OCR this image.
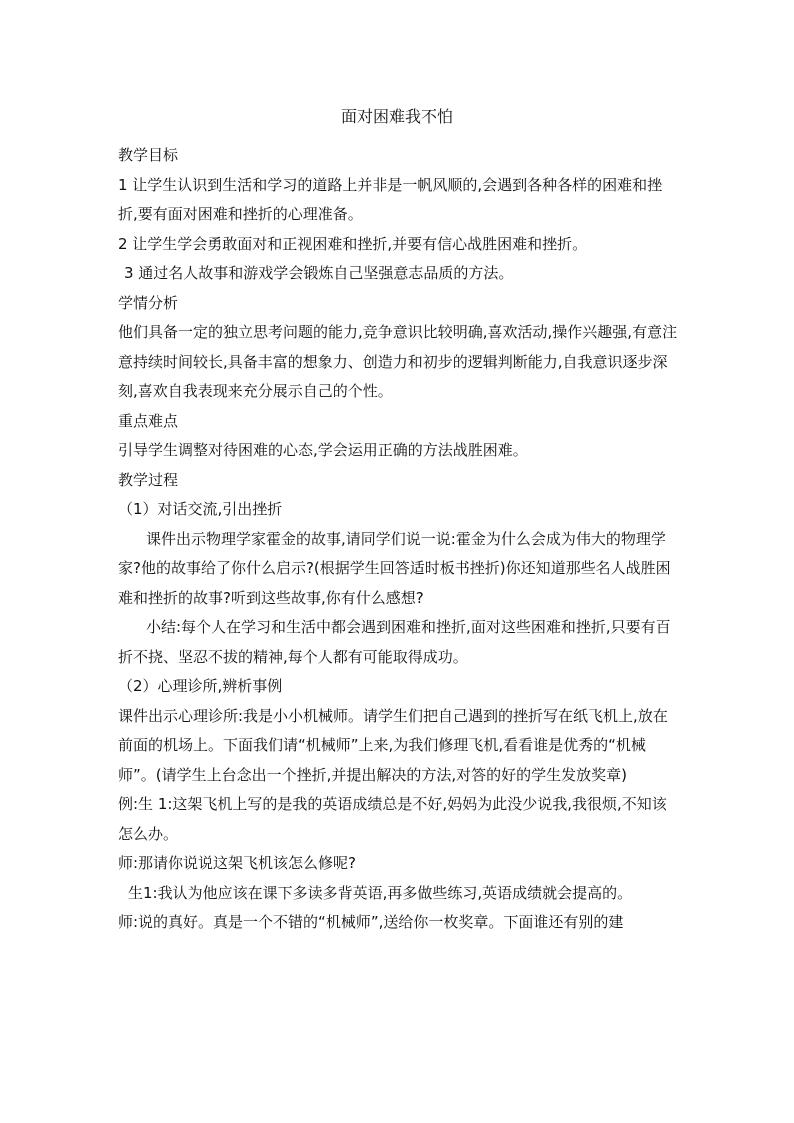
面对困难我不怕

教学目标

1 让学生认识到生活和学习的道路上并非是一帆风顺的,会遇到各种各样的困难和挫折,要有面对困难和挫折的心理准备。

2 让学生学会勇敢面对和正视困难和挫折,并要有信心战胜困难和挫折。

3 通过名人故事和游戏学会锻炼自己坚强意志品质的方法。

学情分析

他们具备一定的独立思考问题的能力,竞争意识比较明确,喜欢活动,操作兴趣强,有意注意持续时间较长,具备丰富的想象力、创造力和初步的逻辑判断能力,自我意识逐步深刻,喜欢自我表现来充分展示自己的个性。

重点难点

引导学生调整对待困难的心态,学会运用正确的方法战胜困难。

教学过程

（1）对话交流,引出挫折

课件出示物理学家霍金的故事,请同学们说一说:霍金为什么会成为伟大的物理学家?他的故事给了你什么启示?(根据学生回答适时板书挫折)你还知道那些名人战胜困难和挫折的故事?听到这些故事,你有什么感想?

小结:每个人在学习和生活中都会遇到困难和挫折,面对这些困难和挫折,只要有百折不挠、坚忍不拔的精神,每个人都有可能取得成功。

（2）心理诊所,辨析事例

课件出示心理诊所:我是小小机械师。请学生们把自己遇到的挫折写在纸飞机上,放在前面的机场上。下面我们请“机械师”上来,为我们修理飞机,看看谁是优秀的“机械师”。(请学生上台念出一个挫折,并提出解决的方法,对答的好的学生发放奖章)

例:生 1:这架飞机上写的是我的英语成绩总是不好,妈妈为此没少说我,我很烦,不知该怎么办。

师:那请你说说这架飞机该怎么修呢?

生1:我认为他应该在课下多读多背英语,再多做些练习,英语成绩就会提高的。

师:说的真好。真是一个不错的“机械师”,送给你一枚奖章。下面谁还有别的建
